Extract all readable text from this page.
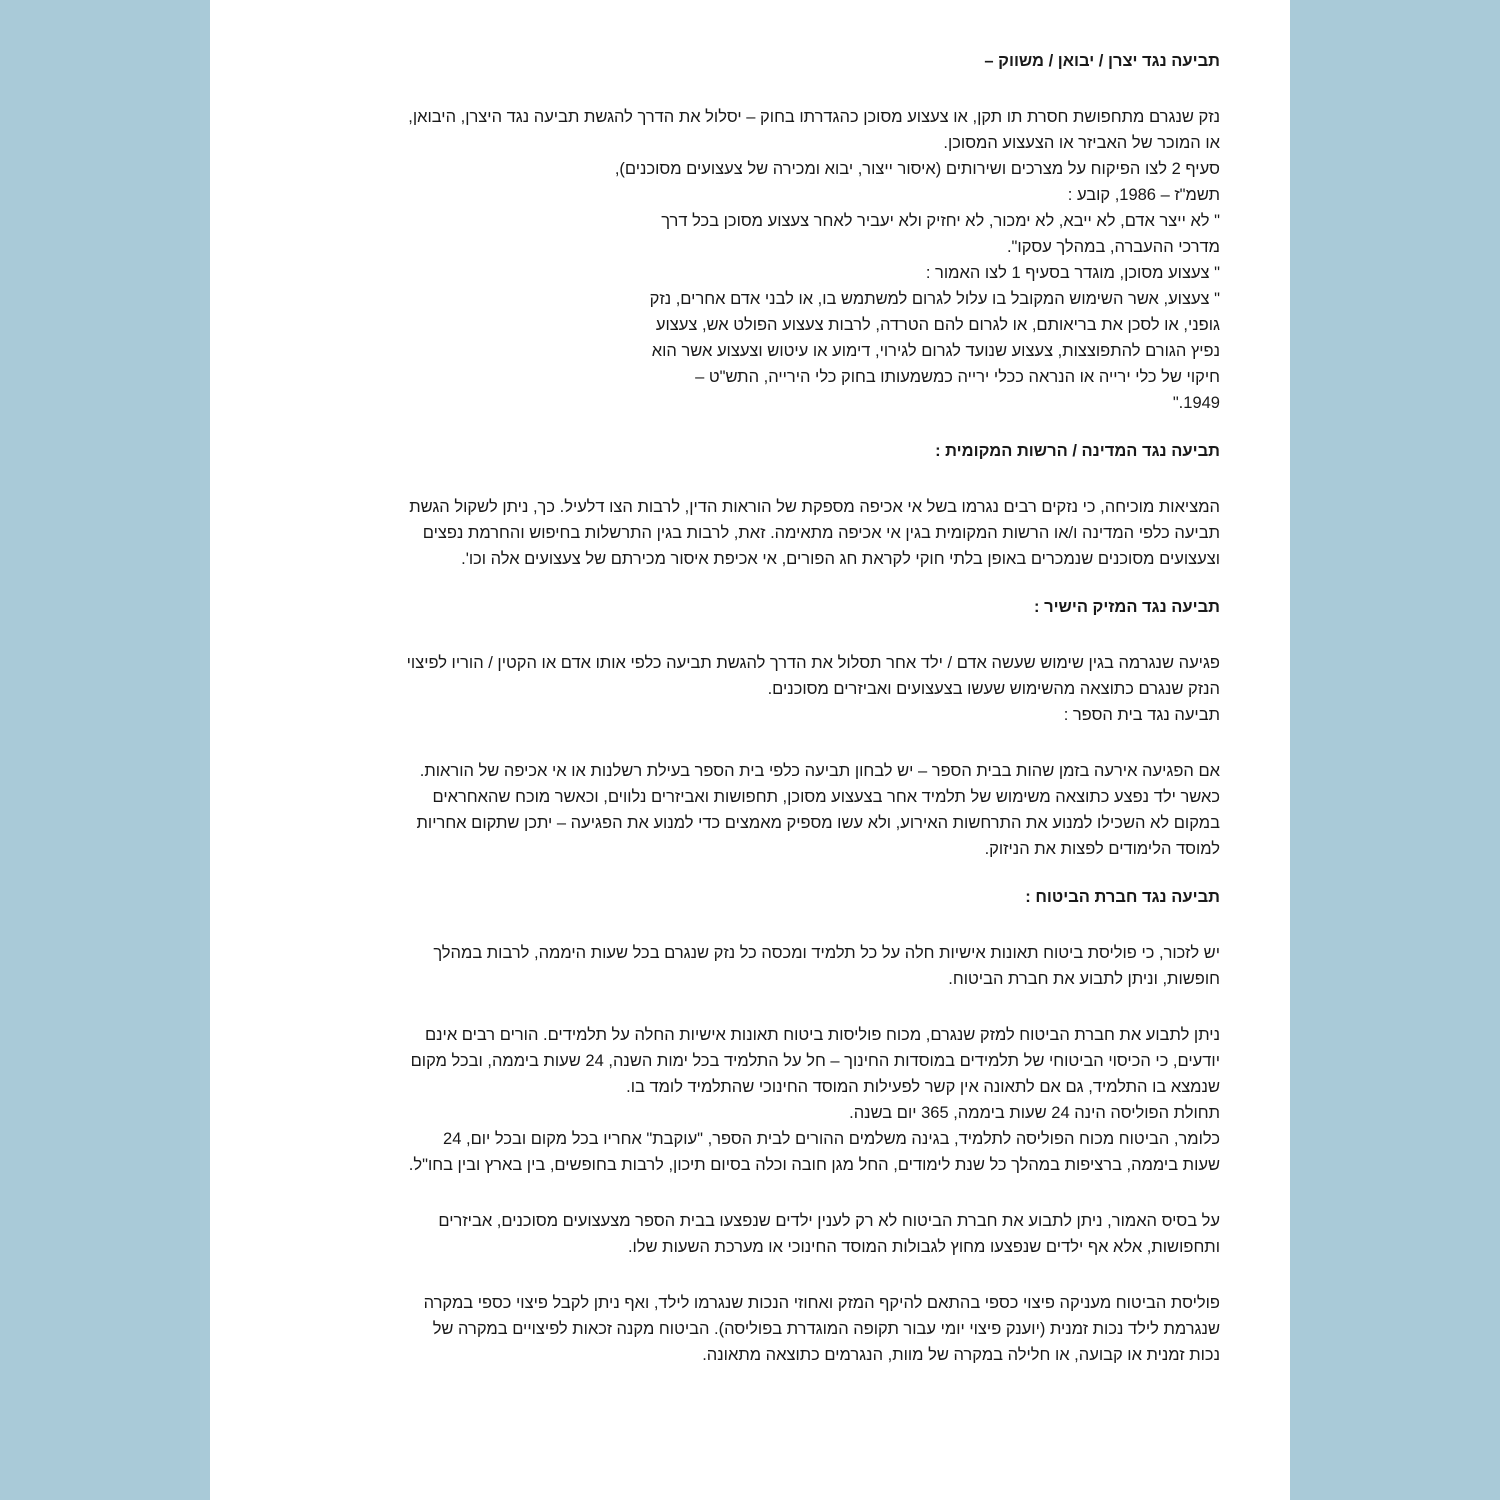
תביעה נגד יצרן / יבואן / משווק –

נזק שנגרם מתחפושת חסרת תו תקן, או צעצוע מסוכן כהגדרתו בחוק – יסלול את הדרך להגשת תביעה נגד היצרן, היבואן,
או המוכר של האביזר או הצעצוע המסוכן.
סעיף 2 לצו הפיקוח על מצרכים ושירותים (איסור ייצור, יבוא ומכירה של צעצועים מסוכנים),
תשמ"ז – 1986, קובע :
" לא ייצר אדם, לא ייבא, לא ימכור, לא יחזיק ולא יעביר לאחר צעצוע מסוכן בכל דרך
מדרכי ההעברה, במהלך עסקו".
" צעצוע מסוכן, מוגדר בסעיף 1 לצו האמור :
" צעצוע, אשר השימוש המקובל בו עלול לגרום למשתמש בו, או לבני אדם אחרים, נזק
גופני, או לסכן את בריאותם, או לגרום להם הטרדה, לרבות צעצוע הפולט אש, צעצוע
נפיץ הגורם להתפוצצות, צעצוע שנועד לגרום לגירוי, דימוע או עיטוש וצעצוע אשר הוא
חיקוי של כלי ירייה או הנראה ככלי ירייה כמשמעותו בחוק כלי הירייה, התש"ט –
1949."

תביעה נגד המדינה / הרשות המקומית :

המציאות מוכיחה, כי נזקים רבים נגרמו בשל אי אכיפה מספקת של הוראות הדין, לרבות הצו דלעיל. כך, ניתן לשקול הגשת
תביעה כלפי המדינה ו/או הרשות המקומית בגין אי אכיפה מתאימה. זאת, לרבות בגין התרשלות בחיפוש והחרמת נפצים
וצעצועים מסוכנים שנמכרים באופן בלתי חוקי לקראת חג הפורים, אי אכיפת איסור מכירתם של צעצועים אלה וכו'.

תביעה נגד המזיק הישיר :

פגיעה שנגרמה בגין שימוש שעשה אדם / ילד אחר תסלול את הדרך להגשת תביעה כלפי אותו אדם או הקטין / הוריו לפיצוי
הנזק שנגרם כתוצאה מהשימוש שעשו בצעצועים ואביזרים מסוכנים.
תביעה נגד בית הספר :

אם הפגיעה אירעה בזמן שהות בבית הספר – יש לבחון תביעה כלפי בית הספר בעילת רשלנות או אי אכיפה של הוראות.
כאשר ילד נפצע כתוצאה משימוש של תלמיד אחר בצעצוע מסוכן, תחפושות ואביזרים נלווים, וכאשר מוכח שהאחראים
במקום לא השכילו למנוע את התרחשות האירוע, ולא עשו מספיק מאמצים כדי למנוע את הפגיעה – יתכן שתקום אחריות
למוסד הלימודים לפצות את הניזוק.

תביעה נגד חברת הביטוח :

יש לזכור, כי פוליסת ביטוח תאונות אישיות חלה על כל תלמיד ומכסה כל נזק שנגרם בכל שעות היממה, לרבות במהלך
חופשות, וניתן לתבוע את חברת הביטוח.

ניתן לתבוע את חברת הביטוח למזק שנגרם, מכוח פוליסות ביטוח תאונות אישיות החלה על תלמידים. הורים רבים אינם
יודעים, כי הכיסוי הביטוחי של תלמידים במוסדות החינוך – חל על התלמיד בכל ימות השנה, 24 שעות ביממה, ובכל מקום
שנמצא בו התלמיד, גם אם לתאונה אין קשר לפעילות המוסד החינוכי שהתלמיד לומד בו.
תחולת הפוליסה הינה 24 שעות ביממה, 365 יום בשנה.
כלומר, הביטוח מכוח הפוליסה לתלמיד, בגינה משלמים ההורים לבית הספר, "עוקבת" אחריו בכל מקום ובכל יום, 24
שעות ביממה, ברציפות במהלך כל שנת לימודים, החל מגן חובה וכלה בסיום תיכון, לרבות בחופשים, בין בארץ ובין בחו"ל.

על בסיס האמור, ניתן לתבוע את חברת הביטוח לא רק לענין ילדים שנפצעו בבית הספר מצעצועים מסוכנים, אביזרים
ותחפושות, אלא אף ילדים שנפצעו מחוץ לגבולות המוסד החינוכי או מערכת השעות שלו.

פוליסת הביטוח מעניקה פיצוי כספי בהתאם להיקף המזק ואחוזי הנכות שנגרמו לילד, ואף ניתן לקבל פיצוי כספי במקרה
שנגרמת לילד נכות זמנית (יוענק פיצוי יומי עבור תקופה המוגדרת בפוליסה). הביטוח מקנה זכאות לפיצויים במקרה של
נכות זמנית או קבועה, או חלילה במקרה של מוות, הנגרמים כתוצאה מתאונה.
